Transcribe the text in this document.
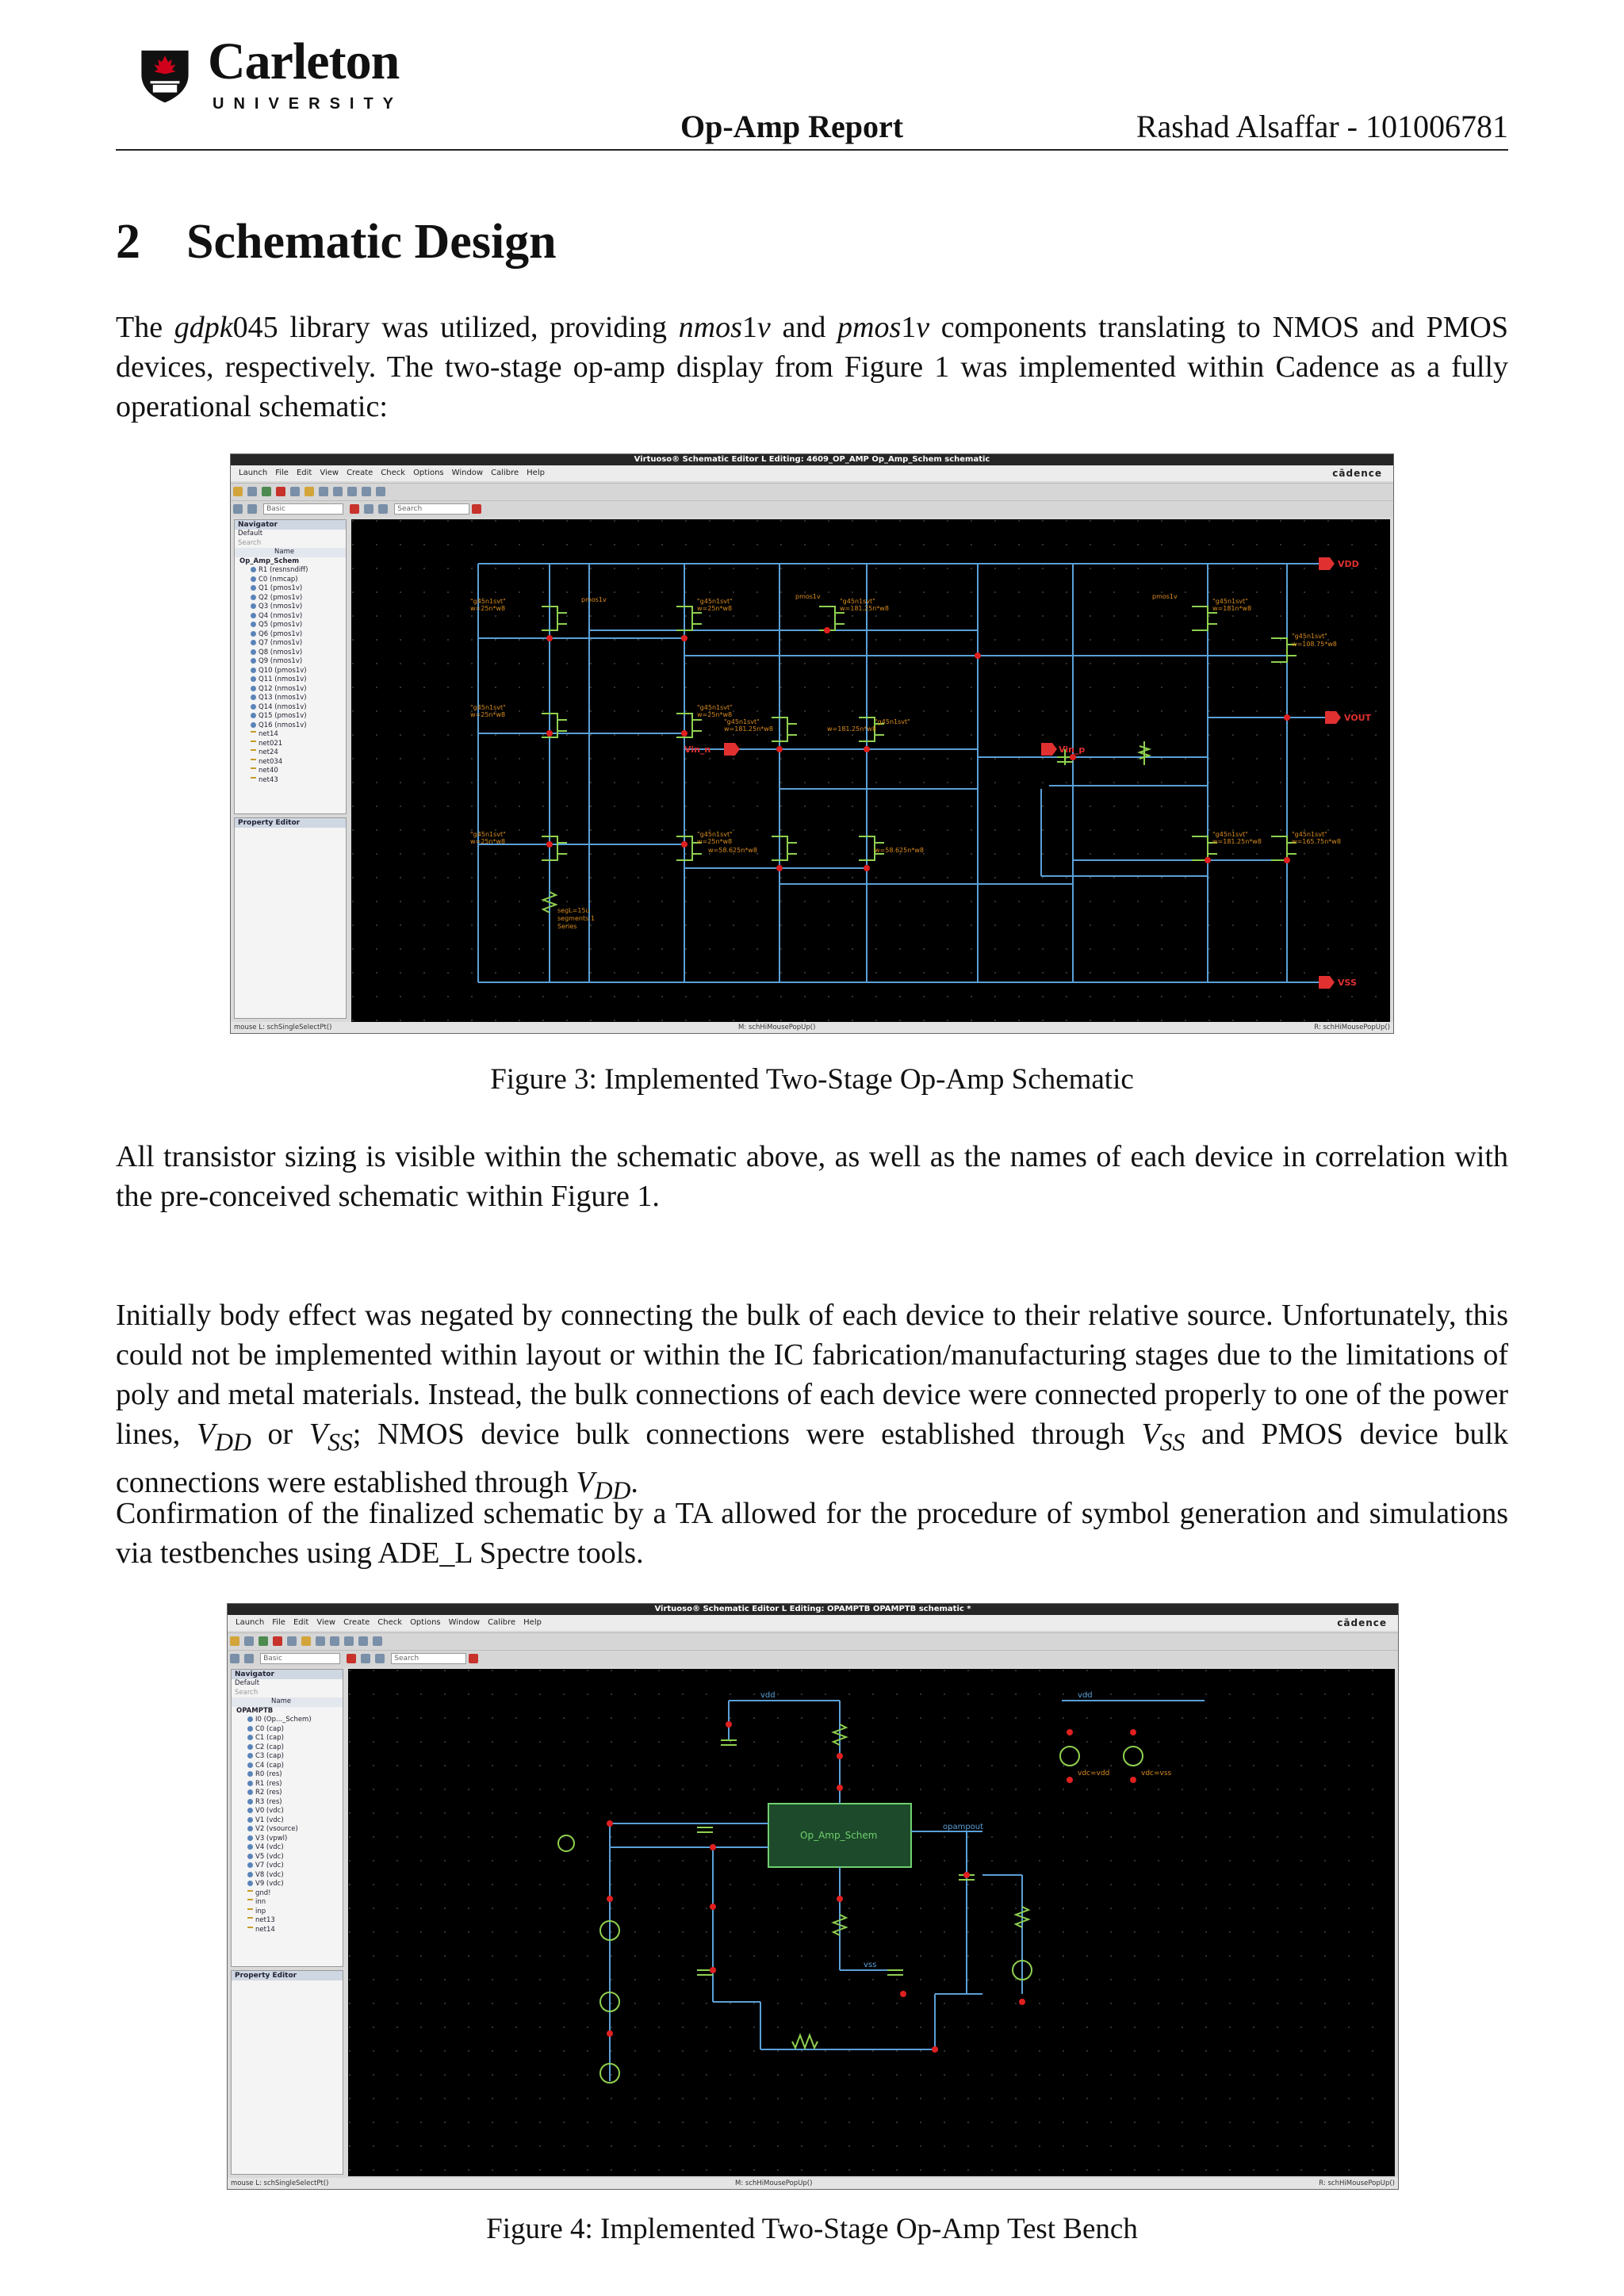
Carleton
UNIVERSITY
Op-Amp Report	Rashad Alsaffar - 101006781
2 Schematic Design

The gdpk045 library was utilized, providing nmos1v and pmos1v components translating to NMOS and PMOS devices, respectively. The two-stage op-amp display from Figure 1 was implemented within Cadence as a fully operational schematic:

Virtuoso® Schematic Editor L Editing: 4609_OP_AMP Op_Amp_Schem schematic
Launch File Edit View Create Check Options Window Calibre Help	cādence
Basic	Search
Navigator
Default
Search
Name
Op_Amp_Schem
R1 (resnsndiff)
C0 (nmcap)
Q1 (pmos1v)
Q2 (pmos1v)
Q3 (nmos1v)
Q4 (nmos1v)
Q5 (pmos1v)
Q6 (pmos1v)
Q7 (nmos1v)
Q8 (nmos1v)
Q9 (nmos1v)
Q10 (pmos1v)
Q11 (nmos1v)
Q12 (nmos1v)
Q13 (nmos1v)
Q14 (nmos1v)
Q15 (pmos1v)
Q16 (nmos1v)
net14
net021
net24
net034
net40
net43
Property Editor
"g45n1svt"
w=25n*w8
pmos1v	"g45n1svt"
w=25n*w8
pmos1v
"g45n1svt"
w=181.25n*w8
pmos1v
"g45n1svt"
w=181n*w8
"g45n1svt"
w=108.75*w8
"g45n1svt"
w=25n*w8
"g45n1svt"
w=25n*w8
"g45n1svt"
w=181.25n*w8
"g45n1svt"
w=181.25n*w8
"g45n1svt"
w=25n*w8
"g45n1svt"
w=25n*w8
w=58.625n*w8	w=58.625n*w8
"g45n1svt"
w=181.25n*w8
"g45n1svt"
w=165.75n*w8
segL=15u
segments:1
Series
VDD
VSS
VOUT
Vin_n	Vin_p
mouse L: schSingleSelectPt()	M: schHiMousePopUp()	R: schHiMousePopUp()
Figure 3: Implemented Two-Stage Op-Amp Schematic
All transistor sizing is visible within the schematic above, as well as the names of each device in correlation with the pre-conceived schematic within Figure 1.

Initially body effect was negated by connecting the bulk of each device to their relative source. Unfortunately, this could not be implemented within layout or within the IC fabrication/manufacturing stages due to the limitations of poly and metal materials. Instead, the bulk connections of each device were connected properly to one of the power lines, $V_{DD}$ or $V_{SS}$; NMOS device bulk connections were established through $V_{SS}$ and PMOS device bulk connections were established through $V_{DD}$.

Confirmation of the finalized schematic by a TA allowed for the procedure of symbol generation and simulations via testbenches using ADE_L Spectre tools.
Virtuoso® Schematic Editor L Editing: OPAMPTB OPAMPTB schematic *
Launch File Edit View Create Check Options Window Calibre Help	cādence
Basic	Search
Navigator
Default
Search
Name
OPAMPTB
I0 (Op..._Schem)
C0 (cap)
C1 (cap)
C2 (cap)
C3 (cap)
C4 (cap)
R0 (res)
R1 (res)
R2 (res)
R3 (res)
V0 (vdc)
V1 (vdc)
V2 (vsource)
V3 (vpwl)
V4 (vdc)
V5 (vdc)
V7 (vdc)
V8 (vdc)
V9 (vdc)
gnd!
inn
inp
net13
net14
Property Editor
Op_Amp_Schem
vdd
opampout
vdd
vss
vdc=vdd	vdc=vss
mouse L: schSingleSelectPt()	M: schHiMousePopUp()	R: schHiMousePopUp()
Figure 4: Implemented Two-Stage Op-Amp Test Bench
